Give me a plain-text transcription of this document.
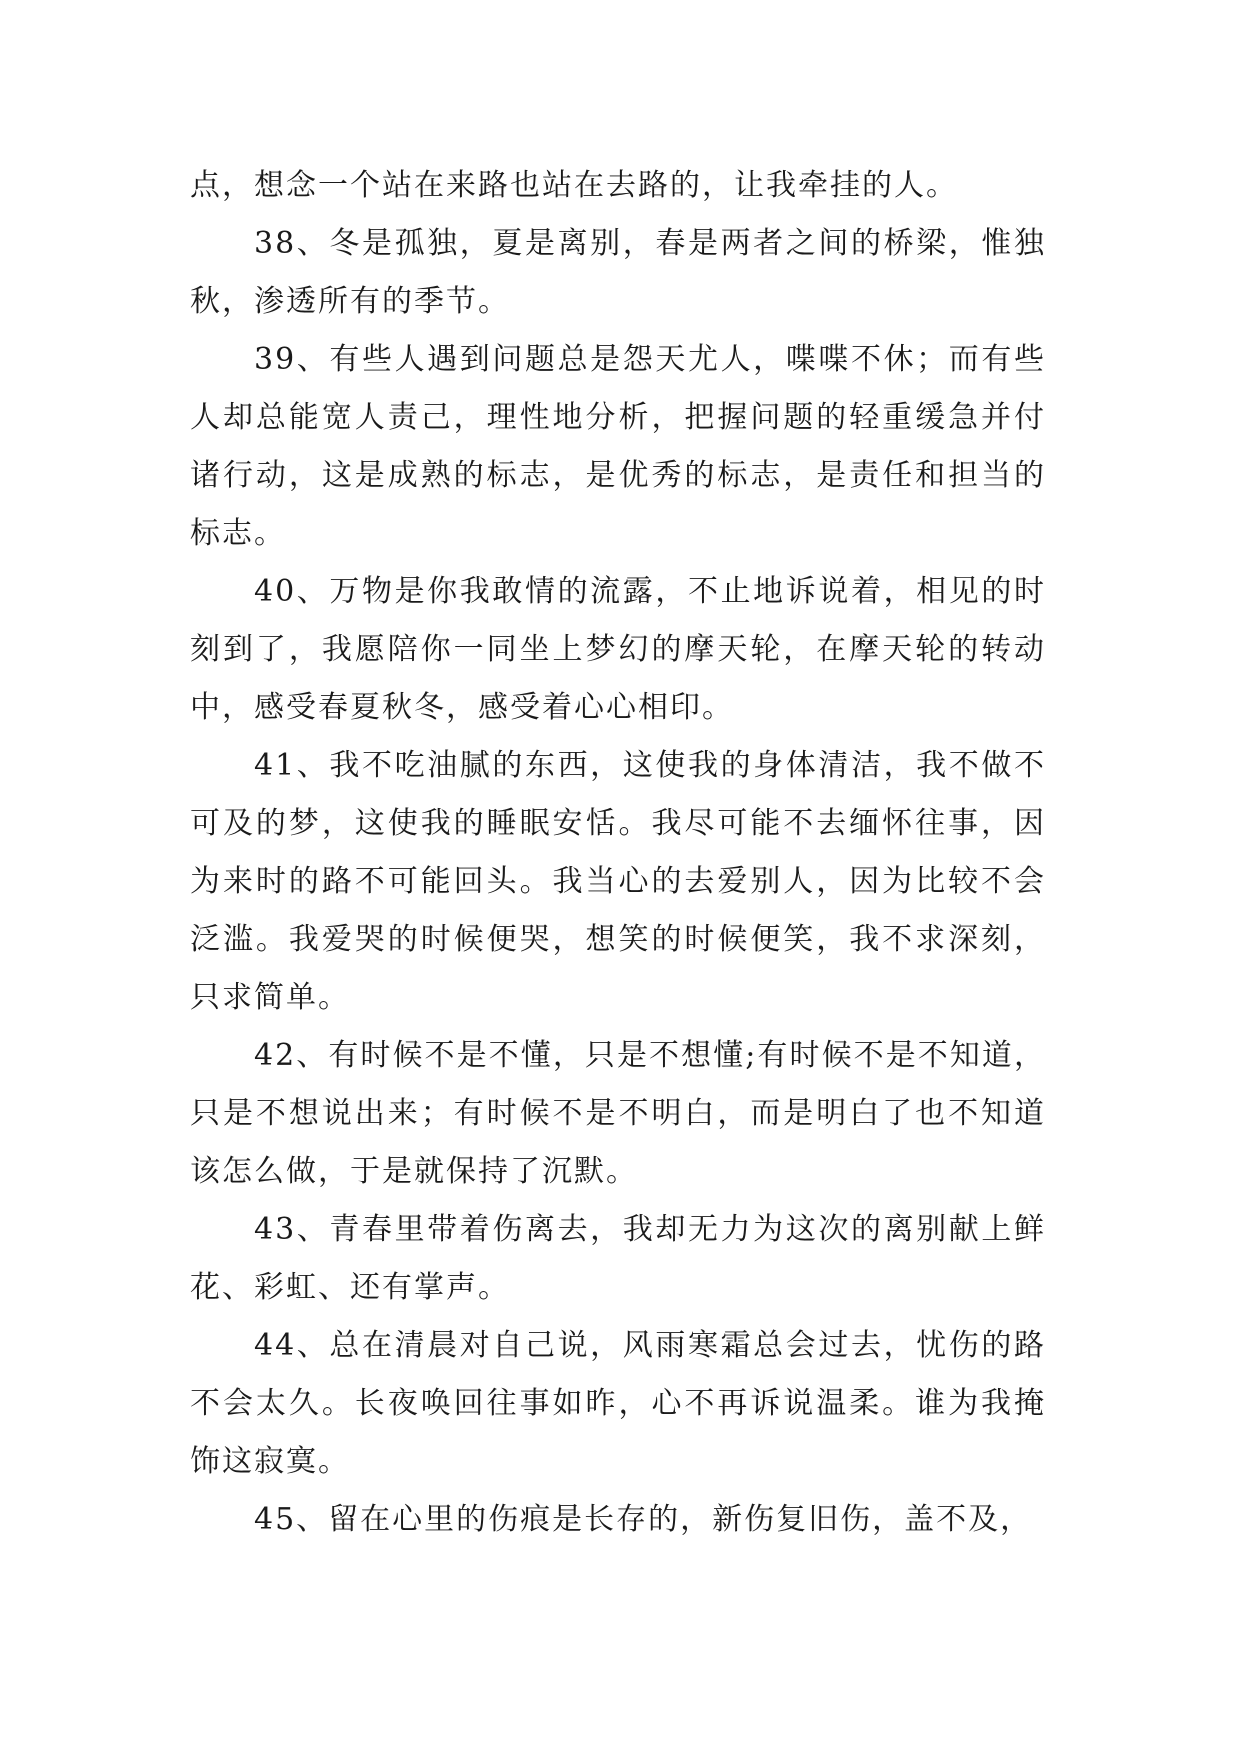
点，想念一个站在来路也站在去路的，让我牵挂的人。

38、冬是孤独，夏是离别，春是两者之间的桥梁，惟独秋，渗透所有的季节。

39、有些人遇到问题总是怨天尤人，喋喋不休；而有些人却总能宽人责己，理性地分析，把握问题的轻重缓急并付诸行动，这是成熟的标志，是优秀的标志，是责任和担当的标志。

40、万物是你我敢情的流露，不止地诉说着，相见的时刻到了，我愿陪你一同坐上梦幻的摩天轮，在摩天轮的转动中，感受春夏秋冬，感受着心心相印。

41、我不吃油腻的东西，这使我的身体清洁，我不做不可及的梦，这使我的睡眠安恬。我尽可能不去缅怀往事，因为来时的路不可能回头。我当心的去爱别人，因为比较不会泛滥。我爱哭的时候便哭，想笑的时候便笑，我不求深刻，只求简单。

42、有时候不是不懂，只是不想懂;有时候不是不知道，只是不想说出来；有时候不是不明白，而是明白了也不知道该怎么做，于是就保持了沉默。

43、青春里带着伤离去，我却无力为这次的离别献上鲜花、彩虹、还有掌声。

44、总在清晨对自己说，风雨寒霜总会过去，忧伤的路不会太久。长夜唤回往事如昨，心不再诉说温柔。谁为我掩饰这寂寞。

45、留在心里的伤痕是长存的，新伤复旧伤，盖不及，
